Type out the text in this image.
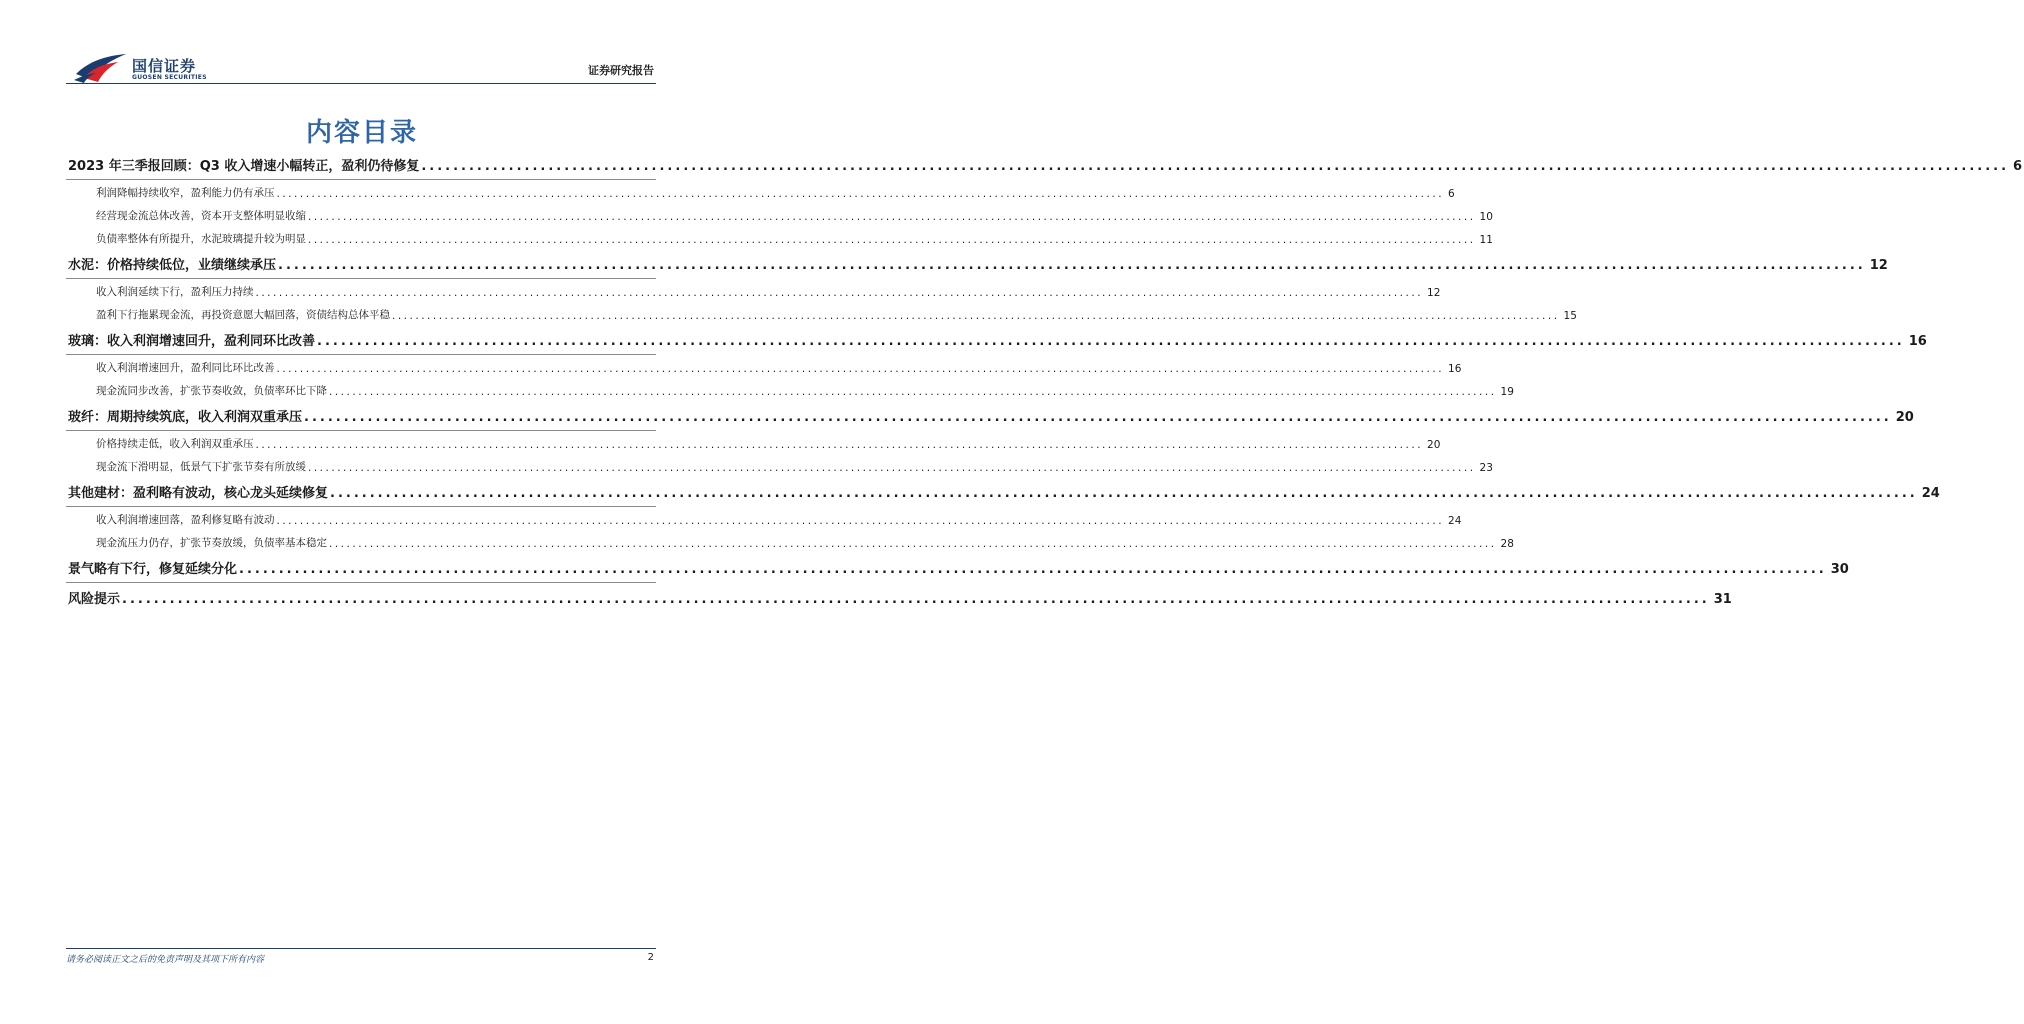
国信证券
GUOSEN SECURITIES
证券研究报告
内容目录
2023 年三季报回顾：Q3 收入增速小幅转正，盈利仍待修复 ........................................................................................................................................................................................................ 6
利润降幅持续收窄，盈利能力仍有承压 ........................................................................................................................................................................................................ 6
经营现金流总体改善，资本开支整体明显收缩 ........................................................................................................................................................................................................ 10
负债率整体有所提升，水泥玻璃提升较为明显 ........................................................................................................................................................................................................ 11
水泥：价格持续低位，业绩继续承压 ........................................................................................................................................................................................................ 12
收入利润延续下行，盈利压力持续 ........................................................................................................................................................................................................ 12
盈利下行拖累现金流，再投资意愿大幅回落，资债结构总体平稳 ........................................................................................................................................................................................................ 15
玻璃：收入利润增速回升，盈利同环比改善 ........................................................................................................................................................................................................ 16
收入利润增速回升，盈利同比环比改善 ........................................................................................................................................................................................................ 16
现金流同步改善，扩张节奏收敛，负债率环比下降 ........................................................................................................................................................................................................ 19
玻纤：周期持续筑底，收入利润双重承压 ........................................................................................................................................................................................................ 20
价格持续走低，收入利润双重承压 ........................................................................................................................................................................................................ 20
现金流下滑明显，低景气下扩张节奏有所放缓 ........................................................................................................................................................................................................ 23
其他建材：盈利略有波动，核心龙头延续修复 ........................................................................................................................................................................................................ 24
收入利润增速回落，盈利修复略有波动 ........................................................................................................................................................................................................ 24
现金流压力仍存，扩张节奏放缓，负债率基本稳定 ........................................................................................................................................................................................................ 28
景气略有下行，修复延续分化 ........................................................................................................................................................................................................ 30
风险提示 ........................................................................................................................................................................................................ 31
请务必阅读正文之后的免责声明及其项下所有内容	2
